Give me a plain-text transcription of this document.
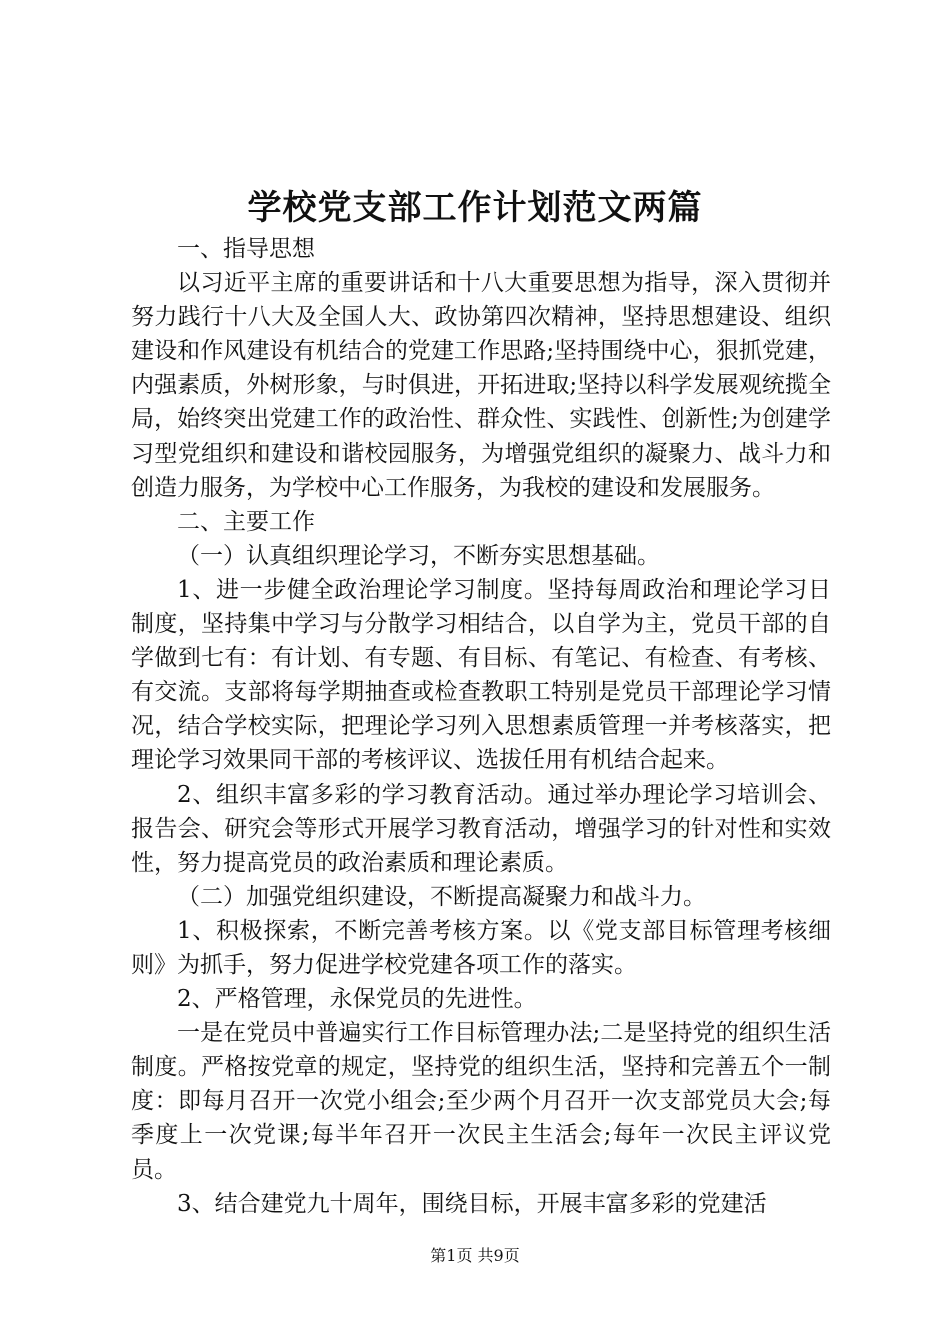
学校党支部工作计划范文两篇

一、指导思想

以习近平主席的重要讲话和十八大重要思想为指导，深入贯彻并努力践行十八大及全国人大、政协第四次精神，坚持思想建设、组织建设和作风建设有机结合的党建工作思路;坚持围绕中心，狠抓党建，内强素质，外树形象，与时俱进，开拓进取;坚持以科学发展观统揽全局，始终突出党建工作的政治性、群众性、实践性、创新性;为创建学习型党组织和建设和谐校园服务，为增强党组织的凝聚力、战斗力和创造力服务，为学校中心工作服务，为我校的建设和发展服务。

二、主要工作

（一）认真组织理论学习，不断夯实思想基础。

1、进一步健全政治理论学习制度。坚持每周政治和理论学习日制度，坚持集中学习与分散学习相结合，以自学为主，党员干部的自学做到七有：有计划、有专题、有目标、有笔记、有检查、有考核、有交流。支部将每学期抽查或检查教职工特别是党员干部理论学习情况，结合学校实际，把理论学习列入思想素质管理一并考核落实，把理论学习效果同干部的考核评议、选拔任用有机结合起来。

2、组织丰富多彩的学习教育活动。通过举办理论学习培训会、报告会、研究会等形式开展学习教育活动，增强学习的针对性和实效性，努力提高党员的政治素质和理论素质。

（二）加强党组织建设，不断提高凝聚力和战斗力。

1、积极探索，不断完善考核方案。以《党支部目标管理考核细则》为抓手，努力促进学校党建各项工作的落实。

2、严格管理，永保党员的先进性。

一是在党员中普遍实行工作目标管理办法;二是坚持党的组织生活制度。严格按党章的规定，坚持党的组织生活，坚持和完善五个一制度：即每月召开一次党小组会;至少两个月召开一次支部党员大会;每季度上一次党课;每半年召开一次民主生活会;每年一次民主评议党员。

3、结合建党九十周年，围绕目标，开展丰富多彩的党建活

第1页 共9页
